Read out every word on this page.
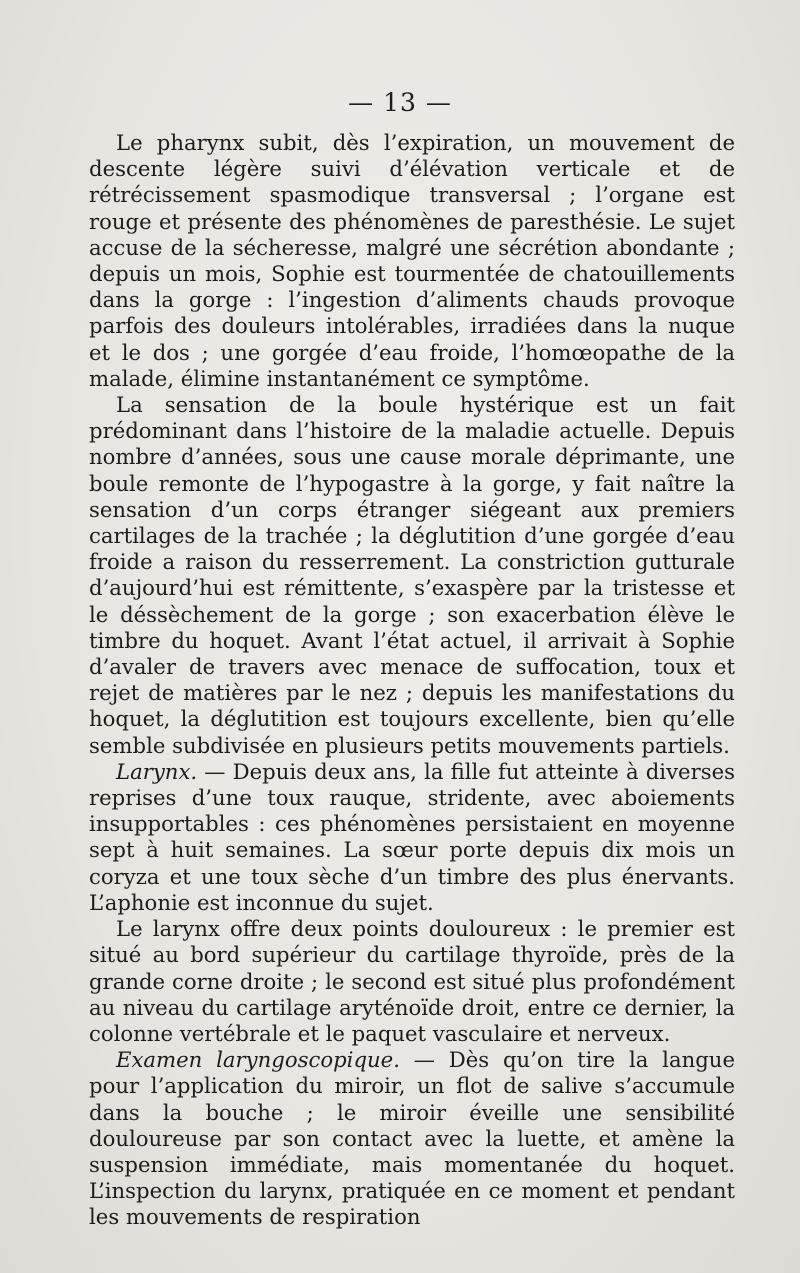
— 13 —

Le pharynx subit, dès l’expiration, un mouvement de descente légère suivi d’élévation verticale et de rétrécissement spasmodique transversal ; l’organe est rouge et présente des phénomènes de paresthésie. Le sujet accuse de la sécheresse, malgré une sécrétion abondante ; depuis un mois, Sophie est tourmentée de chatouillements dans la gorge : l’ingestion d’aliments chauds provoque parfois des douleurs intolérables, irradiées dans la nuque et le dos ; une gorgée d’eau froide, l’homœopathe de la malade, élimine instantanément ce symptôme.

La sensation de la boule hystérique est un fait prédominant dans l’histoire de la maladie actuelle. Depuis nombre d’années, sous une cause morale déprimante, une boule remonte de l’hypogastre à la gorge, y fait naître la sensation d’un corps étranger siégeant aux premiers cartilages de la trachée ; la déglutition d’une gorgée d’eau froide a raison du resserrement. La constriction gutturale d’aujourd’hui est rémittente, s’exaspère par la tristesse et le déssèchement de la gorge ; son exacerbation élève le timbre du hoquet. Avant l’état actuel, il arrivait à Sophie d’avaler de travers avec menace de suffocation, toux et rejet de matières par le nez ; depuis les manifestations du hoquet, la déglutition est toujours excellente, bien qu’elle semble subdivisée en plusieurs petits mouvements partiels.

Larynx. — Depuis deux ans, la fille fut atteinte à diverses reprises d’une toux rauque, stridente, avec aboiements insupportables : ces phénomènes persistaient en moyenne sept à huit semaines. La sœur porte depuis dix mois un coryza et une toux sèche d’un timbre des plus énervants. L’aphonie est inconnue du sujet.

Le larynx offre deux points douloureux : le premier est situé au bord supérieur du cartilage thyroïde, près de la grande corne droite ; le second est situé plus profondément au niveau du cartilage aryténoïde droit, entre ce dernier, la colonne vertébrale et le paquet vasculaire et nerveux.

Examen laryngoscopique. — Dès qu’on tire la langue pour l’application du miroir, un flot de salive s’accumule dans la bouche ; le miroir éveille une sensibilité douloureuse par son contact avec la luette, et amène la suspension immédiate, mais momentanée du hoquet. L’inspection du larynx, pratiquée en ce moment et pendant les mouvements de respiration
